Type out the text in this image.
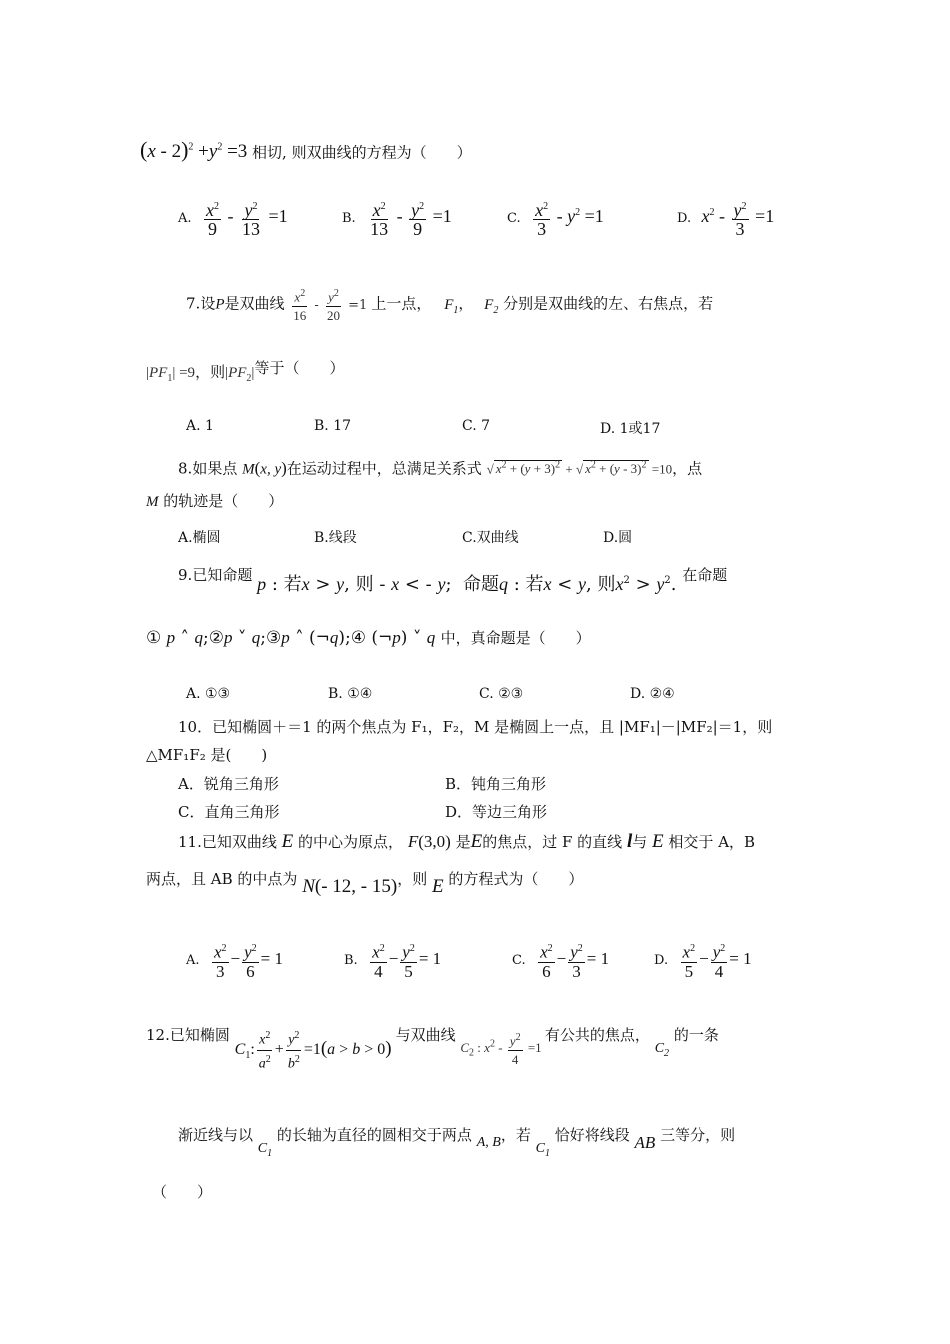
$(x - 2)^2 +y^2 =3$ 相切, 则双曲线的方程为（　　）
A. $\frac{x^2}{9} - \frac{y^2}{13} =1$	B. $\frac{x^2}{13} - \frac{y^2}{9} =1$	C. $\frac{x^2}{3} - y^2 =1$	D. $x^2 - \frac{y^2}{3} =1$
7.设P是双曲线 $\frac{x^2}{16} - \frac{y^2}{20} =1$ 上一点， $F_1$， $F_2$ 分别是双曲线的左、右焦点，若
$|PF_1| =9$，则$|PF_2|$等于（　　）
A. 1	B. 17	C. 7	D. 1或17
8.如果点 M(x, y)在运动过程中，总满足关系式 √ $x^2 + (y + 3)^2$ + √ $x^2 + (y - 3)^2 =10$，点
M 的轨迹是（　　）
A.椭圆	B.线段	C.双曲线	D.圆
9.已知命题 p : 若x > y, 则 - x < - y;  命题q : 若x < y, 则$x^2 > y^2$. 在命题
① p ˄ q;②p ˅ q;③p ˄ (¬q);④ (¬p) ˅ q 中，真命题是（　　）
A. ①③	B. ①④	C. ②③	D. ②④
10．已知椭圆＋＝1 的两个焦点为 F₁，F₂，M 是椭圆上一点，且 |MF₁|－|MF₂|＝1，则
△MF₁F₂ 是(　　)
A．锐角三角形	B．钝角三角形
C．直角三角形	D．等边三角形
11.已知双曲线 E 的中心为原点， F(3,0) 是E的焦点，过 F 的直线 l与 E 相交于 A，B
两点，且 AB 的中点为 N(- 12, - 15)，则 E 的方程式为（　　）
A. $\frac{x^2}{3} - \frac{y^2}{6} = 1$	B. $\frac{x^2}{4} - \frac{y^2}{5} = 1$	C. $\frac{x^2}{6} - \frac{y^2}{3} = 1$	D. $\frac{x^2}{5} - \frac{y^2}{4} = 1$
12.已知椭圆 $C_1$: $\frac{x^2}{a^2} + \frac{y^2}{b^2} =1(a > b > 0)$ 与双曲线 $C_2$ : $x^2 - \frac{y^2}{4} =1$ 有公共的焦点， $C_2$ 的一条
渐近线与以 $C_1$ 的长轴为直径的圆相交于两点 A, B，若 $C_1$ 恰好将线段 AB 三等分，则
（　　）
